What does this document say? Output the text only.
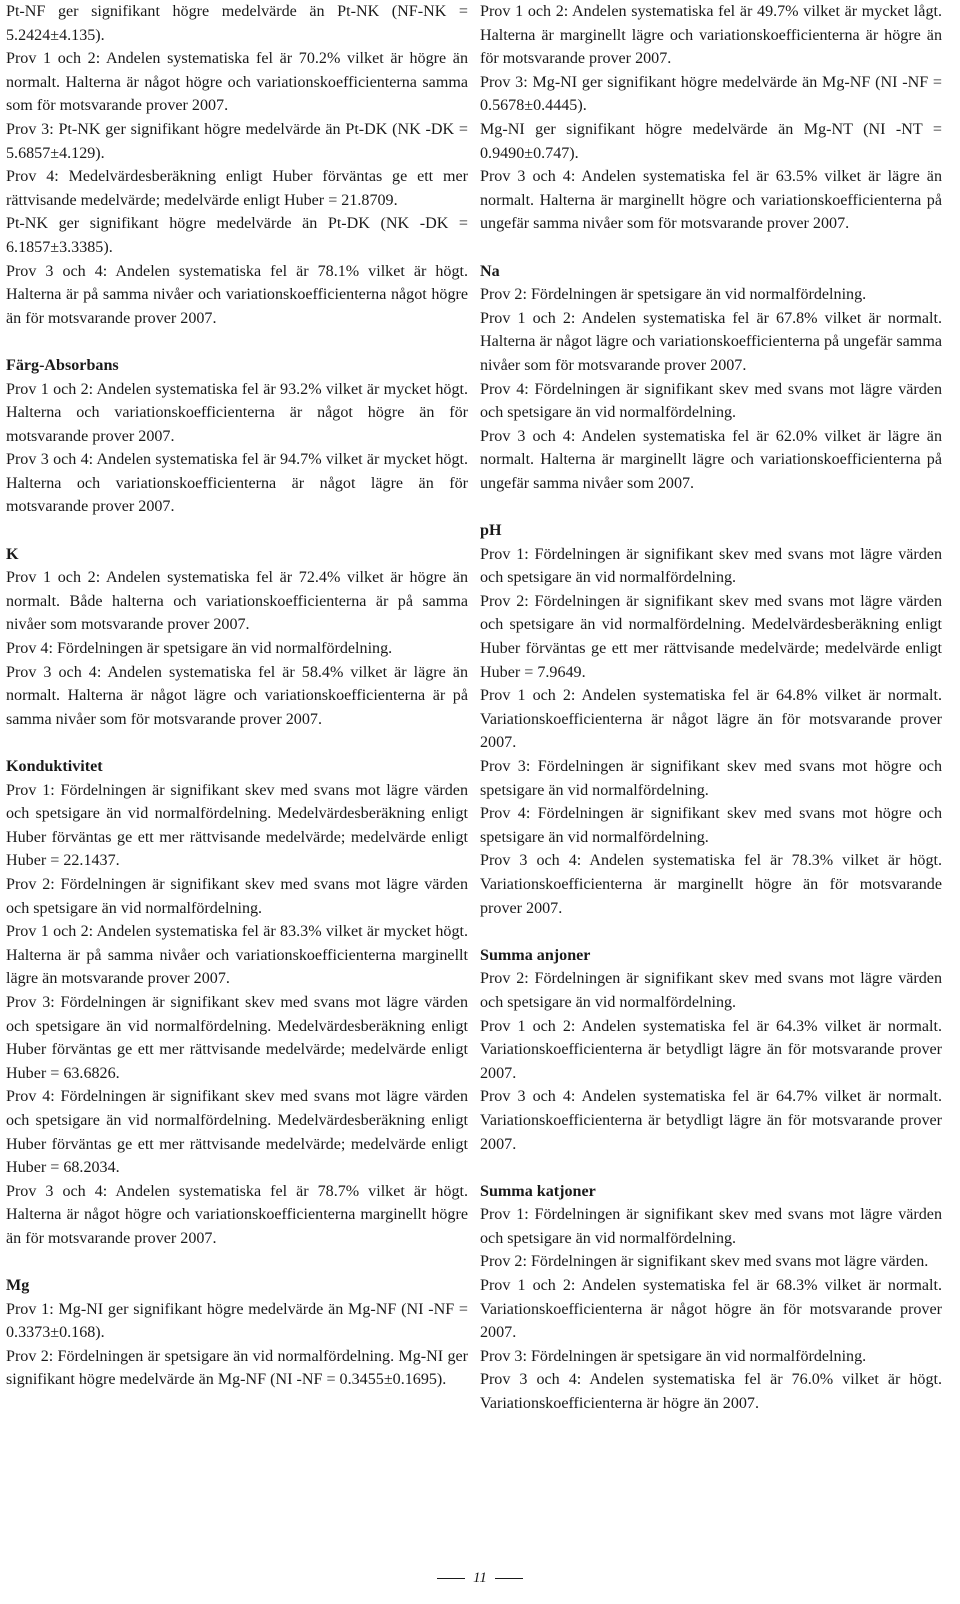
Pt-NF ger signifikant högre medelvärde än Pt-NK (NF-NK = 5.2424±4.135).

Prov 1 och 2: Andelen systematiska fel är 70.2% vilket är högre än normalt. Halterna är något högre och variationskoefficienterna samma som för motsvarande prover 2007.

Prov 3: Pt-NK ger signifikant högre medelvärde än Pt-DK (NK -DK = 5.6857±4.129).

Prov 4: Medelvärdesberäkning enligt Huber förväntas ge ett mer rättvisande medelvärde; medelvärde enligt Huber = 21.8709.

Pt-NK ger signifikant högre medelvärde än Pt-DK (NK -DK = 6.1857±3.3385).

Prov 3 och 4: Andelen systematiska fel är 78.1% vilket är högt. Halterna är på samma nivåer och variationskoefficienterna något högre än för motsvarande prover 2007.

Färg-Absorbans

Prov 1 och 2: Andelen systematiska fel är 93.2% vilket är mycket högt. Halterna och variationskoefficienterna är något högre än för motsvarande prover 2007.

Prov 3 och 4: Andelen systematiska fel är 94.7% vilket är mycket högt. Halterna och variationskoefficienterna är något lägre än för motsvarande prover 2007.

K

Prov 1 och 2: Andelen systematiska fel är 72.4% vilket är högre än normalt. Både halterna och variationskoefficienterna är på samma nivåer som motsvarande prover 2007.

Prov 4: Fördelningen är spetsigare än vid normalfördelning.

Prov 3 och 4: Andelen systematiska fel är 58.4% vilket är lägre än normalt. Halterna är något lägre och variationskoefficienterna är på samma nivåer som för motsvarande prover 2007.

Konduktivitet

Prov 1: Fördelningen är signifikant skev med svans mot lägre värden och spetsigare än vid normalfördelning. Medelvärdesberäkning enligt Huber förväntas ge ett mer rättvisande medelvärde; medelvärde enligt Huber = 22.1437.

Prov 2: Fördelningen är signifikant skev med svans mot lägre värden och spetsigare än vid normalfördelning.

Prov 1 och 2: Andelen systematiska fel är 83.3% vilket är mycket högt. Halterna är på samma nivåer och variationskoefficienterna marginellt lägre än motsvarande prover 2007.

Prov 3: Fördelningen är signifikant skev med svans mot lägre värden och spetsigare än vid normalfördelning. Medelvärdesberäkning enligt Huber förväntas ge ett mer rättvisande medelvärde; medelvärde enligt Huber = 63.6826.

Prov 4: Fördelningen är signifikant skev med svans mot lägre värden och spetsigare än vid normalfördelning. Medelvärdesberäkning enligt Huber förväntas ge ett mer rättvisande medelvärde; medelvärde enligt Huber = 68.2034.

Prov 3 och 4: Andelen systematiska fel är 78.7% vilket är högt. Halterna är något högre och variationskoefficienterna marginellt högre än för motsvarande prover 2007.

Mg

Prov 1: Mg-NI ger signifikant högre medelvärde än Mg-NF (NI -NF = 0.3373±0.168).

Prov 2: Fördelningen är spetsigare än vid normalfördelning. Mg-NI ger signifikant högre medelvärde än Mg-NF (NI -NF = 0.3455±0.1695).

Prov 1 och 2: Andelen systematiska fel är 49.7% vilket är mycket lågt. Halterna är marginellt lägre och variationskoefficienterna är högre än för motsvarande prover 2007.

Prov 3: Mg-NI ger signifikant högre medelvärde än Mg-NF (NI -NF = 0.5678±0.4445).

Mg-NI ger signifikant högre medelvärde än Mg-NT (NI -NT = 0.9490±0.747).

Prov 3 och 4: Andelen systematiska fel är 63.5% vilket är lägre än normalt. Halterna är marginellt högre och variationskoefficienterna på ungefär samma nivåer som för motsvarande prover 2007.

Na

Prov 2: Fördelningen är spetsigare än vid normalfördelning.

Prov 1 och 2: Andelen systematiska fel är 67.8% vilket är normalt. Halterna är något lägre och variationskoefficienterna på ungefär samma nivåer som för motsvarande prover 2007.

Prov 4: Fördelningen är signifikant skev med svans mot lägre värden och spetsigare än vid normalfördelning.

Prov 3 och 4: Andelen systematiska fel är 62.0% vilket är lägre än normalt. Halterna är marginellt lägre och variationskoefficienterna på ungefär samma nivåer som 2007.

pH

Prov 1: Fördelningen är signifikant skev med svans mot lägre värden och spetsigare än vid normalfördelning.

Prov 2: Fördelningen är signifikant skev med svans mot lägre värden och spetsigare än vid normalfördelning. Medelvärdesberäkning enligt Huber förväntas ge ett mer rättvisande medelvärde; medelvärde enligt Huber = 7.9649.

Prov 1 och 2: Andelen systematiska fel är 64.8% vilket är normalt. Variationskoefficienterna är något lägre än för motsvarande prover 2007.

Prov 3: Fördelningen är signifikant skev med svans mot högre och spetsigare än vid normalfördelning.

Prov 4: Fördelningen är signifikant skev med svans mot högre och spetsigare än vid normalfördelning.

Prov 3 och 4: Andelen systematiska fel är 78.3% vilket är högt. Variationskoefficienterna är marginellt högre än för motsvarande prover 2007.

Summa anjoner

Prov 2: Fördelningen är signifikant skev med svans mot lägre värden och spetsigare än vid normalfördelning.

Prov 1 och 2: Andelen systematiska fel är 64.3% vilket är normalt. Variationskoefficienterna är betydligt lägre än för motsvarande prover 2007.

Prov 3 och 4: Andelen systematiska fel är 64.7% vilket är normalt. Variationskoefficienterna är betydligt lägre än för motsvarande prover 2007.

Summa katjoner

Prov 1: Fördelningen är signifikant skev med svans mot lägre värden och spetsigare än vid normalfördelning.

Prov 2: Fördelningen är signifikant skev med svans mot lägre värden.

Prov 1 och 2: Andelen systematiska fel är 68.3% vilket är normalt. Variationskoefficienterna är något högre än för motsvarande prover 2007.

Prov 3: Fördelningen är spetsigare än vid normalfördelning.

Prov 3 och 4: Andelen systematiska fel är 76.0% vilket är högt. Variationskoefficienterna är högre än 2007.

11
